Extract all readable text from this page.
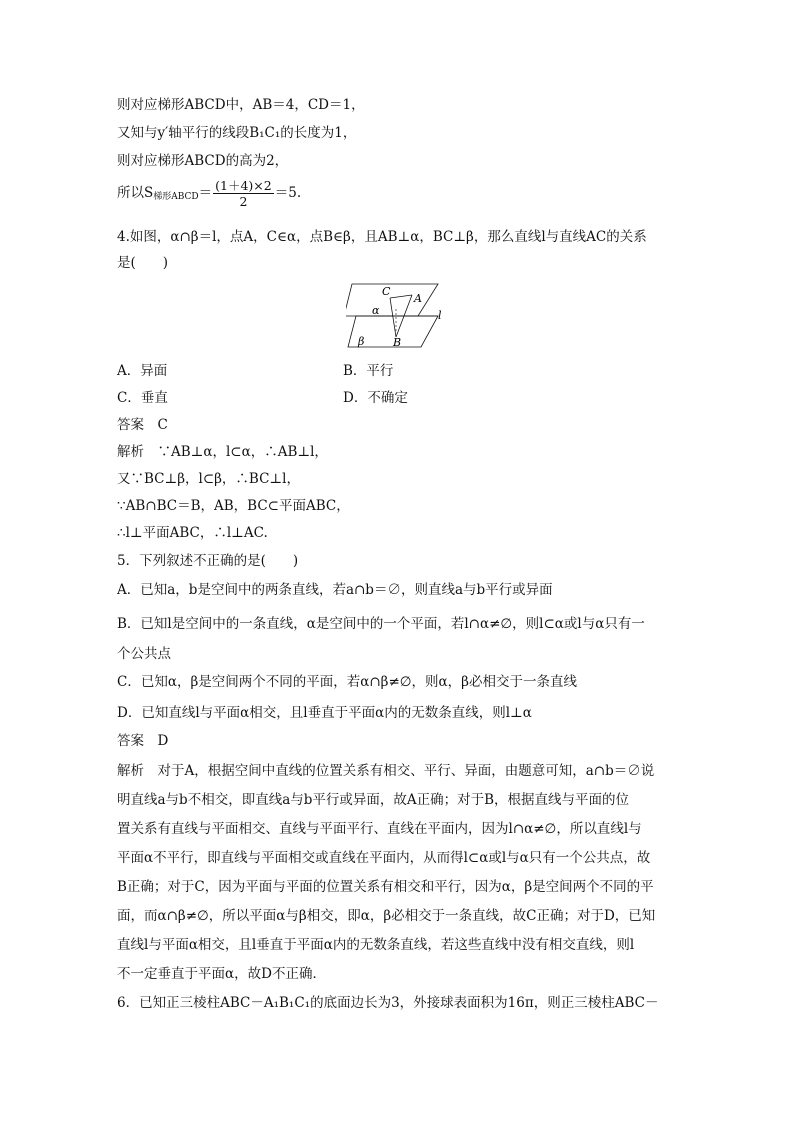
则对应梯形ABCD中，AB＝4，CD＝1，
又知与y′轴平行的线段B₁C₁的长度为1，
则对应梯形ABCD的高为2，
所以$S_{梯形ABCD}= \frac{(1+4)\times 2}{2} =5$.
4.如图，α∩β＝l，点A，C∈α，点B∈β，且AB⊥α，BC⊥β，那么直线l与直线AC的关系
是(　　)
C
A
α	l
β	B
A．异面	B．平行
C．垂直	D．不确定
答案　C
解析　∵AB⊥α，l⊂α，∴AB⊥l，
又∵BC⊥β，l⊂β，∴BC⊥l，
∵AB∩BC＝B，AB，BC⊂平面ABC，
∴l⊥平面ABC，∴l⊥AC.
5．下列叙述不正确的是(　　)
A．已知a，b是空间中的两条直线，若a∩b＝∅，则直线a与b平行或异面
B．已知l是空间中的一条直线，α是空间中的一个平面，若l∩α≠∅，则l⊂α或l与α只有一
个公共点
C．已知α，β是空间两个不同的平面，若α∩β≠∅，则α，β必相交于一条直线
D．已知直线l与平面α相交，且l垂直于平面α内的无数条直线，则l⊥α
答案　D
解析　对于A，根据空间中直线的位置关系有相交、平行、异面，由题意可知，a∩b＝∅说
明直线a与b不相交，即直线a与b平行或异面，故A正确；对于B，根据直线与平面的位
置关系有直线与平面相交、直线与平面平行、直线在平面内，因为l∩α≠∅，所以直线l与
平面α不平行，即直线与平面相交或直线在平面内，从而得l⊂α或l与α只有一个公共点，故
B正确；对于C，因为平面与平面的位置关系有相交和平行，因为α，β是空间两个不同的平
面，而α∩β≠∅，所以平面α与β相交，即α，β必相交于一条直线，故C正确；对于D，已知
直线l与平面α相交，且l垂直于平面α内的无数条直线，若这些直线中没有相交直线，则l
不一定垂直于平面α，故D不正确．
6．已知正三棱柱ABC－A₁B₁C₁的底面边长为3，外接球表面积为16π，则正三棱柱ABC－
